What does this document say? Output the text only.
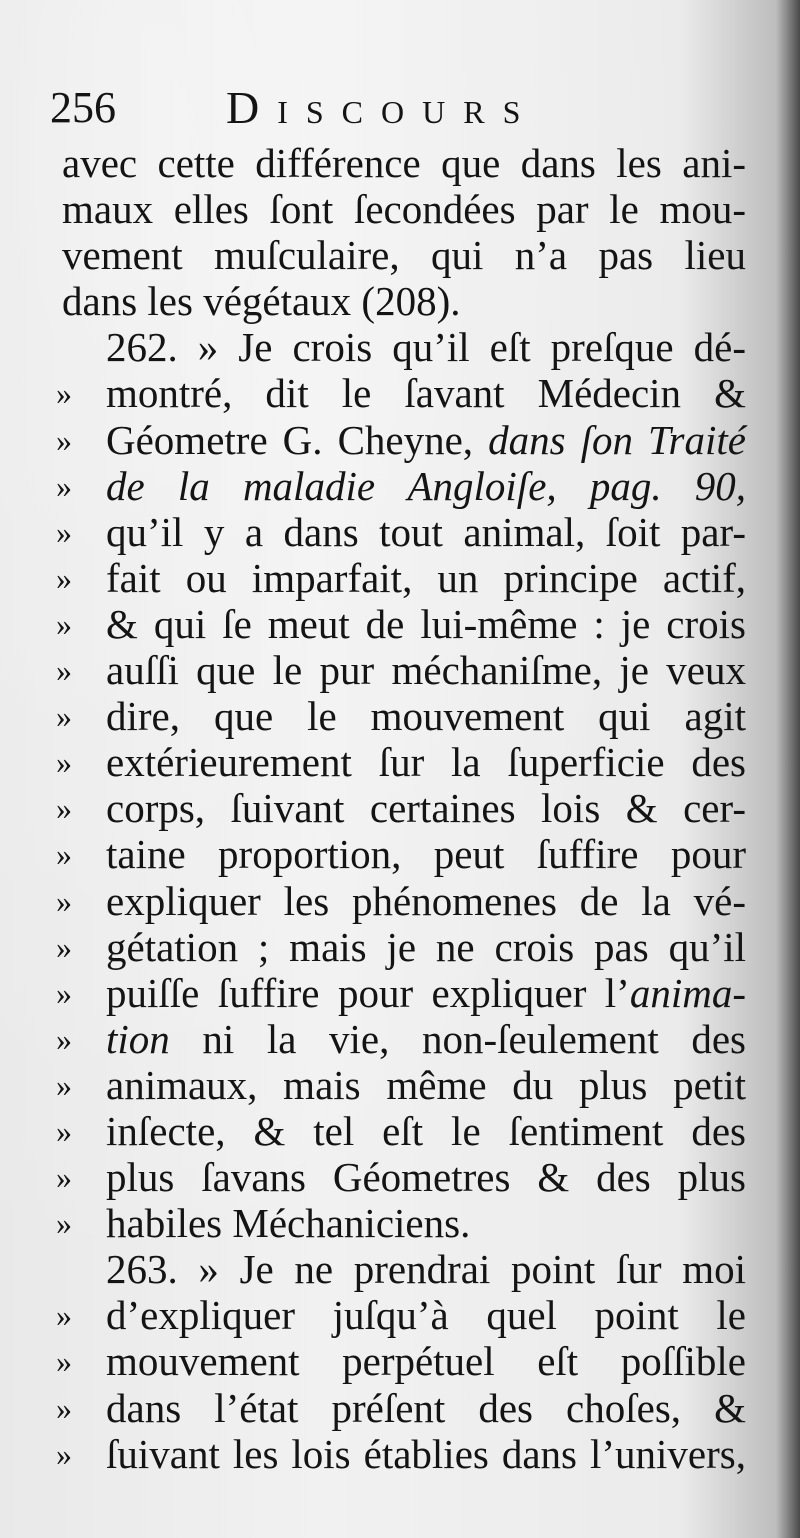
256 Discours
avec cette différence que dans les ani-
maux elles ſont ſecondées par le mou-
vement muſculaire, qui n’a pas lieu
dans les végétaux (208).
262. » Je crois qu’il eſt preſque dé-
» montré, dit le ſavant Médecin &
» Géometre G. Cheyne, dans ſon Traité
» de la maladie Angloiſe, pag. 90,
» qu’il y a dans tout animal, ſoit par-
» fait ou imparfait, un principe actif,
» & qui ſe meut de lui-même : je crois
» auſſi que le pur méchaniſme, je veux
» dire, que le mouvement qui agit
» extérieurement ſur la ſuperficie des
» corps, ſuivant certaines lois & cer-
» taine proportion, peut ſuffire pour
» expliquer les phénomenes de la vé-
» gétation ; mais je ne crois pas qu’il
» puiſſe ſuffire pour expliquer l’anima-
» tion ni la vie, non-ſeulement des
» animaux, mais même du plus petit
» inſecte, & tel eſt le ſentiment des
» plus ſavans Géometres & des plus
» habiles Méchaniciens.
263. » Je ne prendrai point ſur moi
» d’expliquer juſqu’à quel point le
» mouvement perpétuel eſt poſſible
» dans l’état préſent des choſes, &
» ſuivant les lois établies dans l’univers,
